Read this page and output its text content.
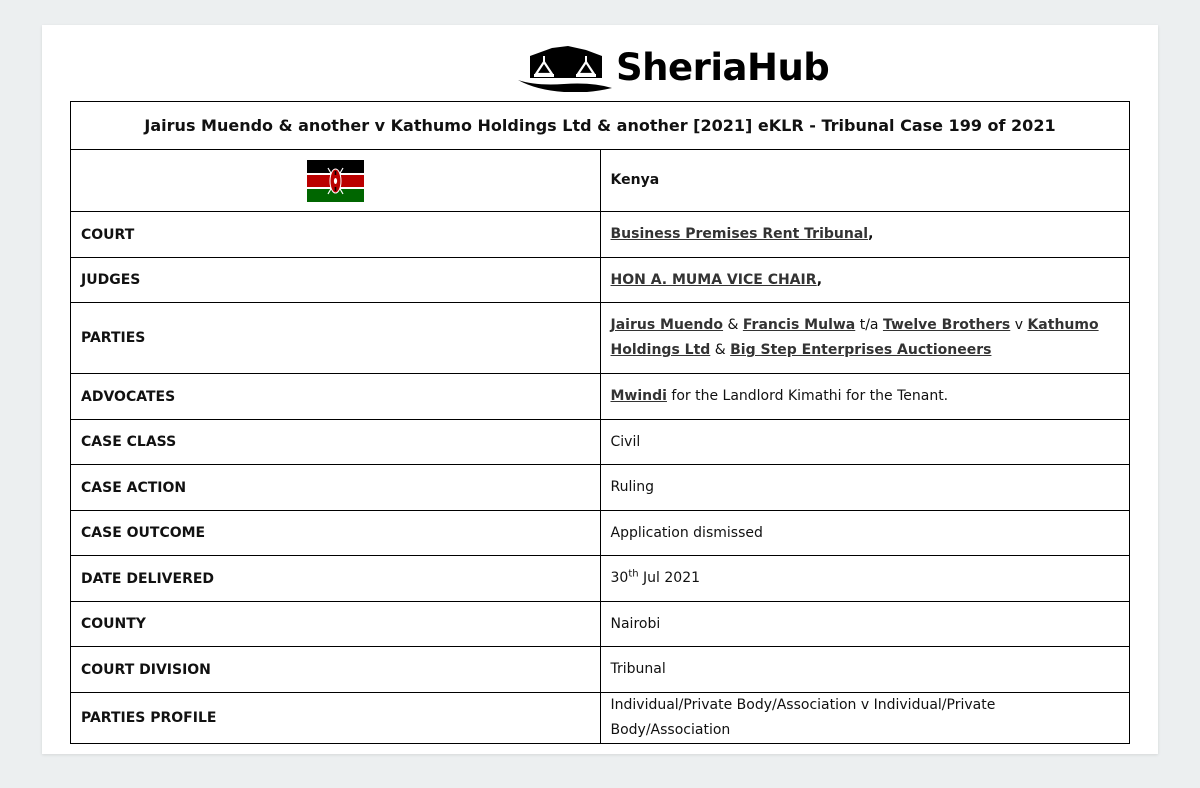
SheriaHub
Jairus Muendo & another v Kathumo Holdings Ltd & another [2021] eKLR - Tribunal Case 199 of 2021	
	Kenya
COURT	Business Premises Rent Tribunal,
JUDGES	HON A. MUMA VICE CHAIR,
PARTIES	Jairus Muendo & Francis Mulwa t/a Twelve Brothers v Kathumo Holdings Ltd & Big Step Enterprises Auctioneers
ADVOCATES	Mwindi for the Landlord Kimathi for the Tenant.
CASE CLASS	Civil
CASE ACTION	Ruling
CASE OUTCOME	Application dismissed
DATE DELIVERED	30th Jul 2021
COUNTY	Nairobi
COURT DIVISION	Tribunal
PARTIES PROFILE	Individual/Private Body/Association v Individual/Private Body/Association
